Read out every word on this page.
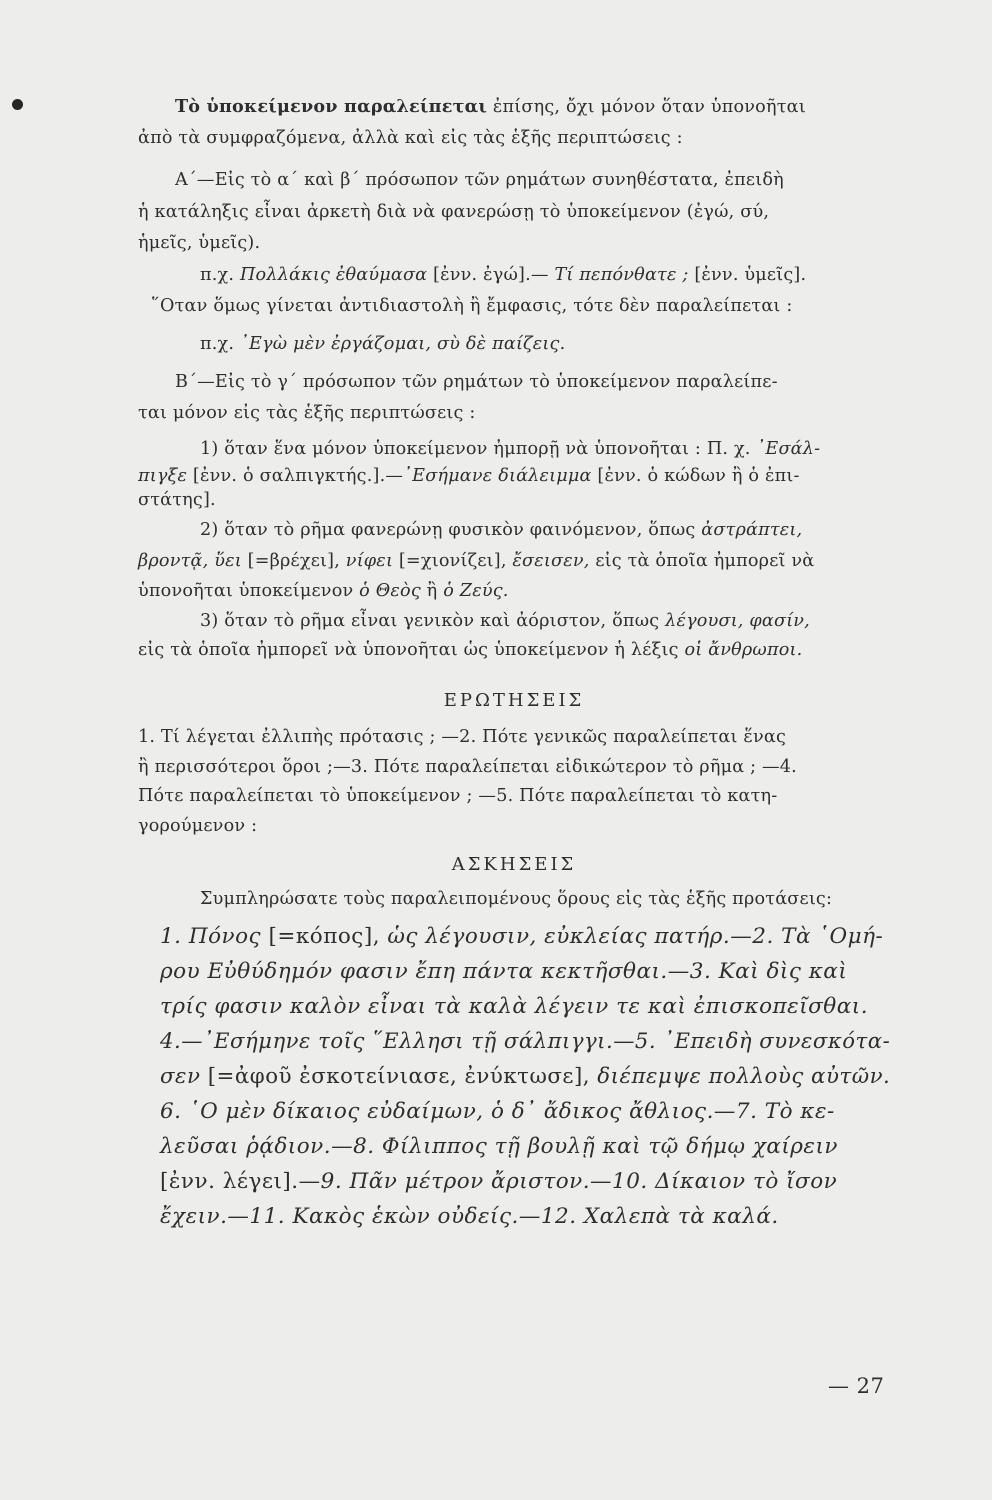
Τὸ ὑποκείμενον παραλείπεται ἐπίσης, ὄχι μόνον ὅταν ὑπονοῆται
ἀπὸ τὰ συμφραζόμενα, ἀλλὰ καὶ εἰς τὰς ἑξῆς περιπτώσεις :
Α΄—Εἰς τὸ α΄ καὶ β΄ πρόσωπον τῶν ρημάτων συνηθέστατα, ἐπειδὴ
ἡ κατάληξις εἶναι ἀρκετὴ διὰ νὰ φανερώσῃ τὸ ὑποκείμενον (ἐγώ, σύ,
ἡμεῖς, ὑμεῖς).
π.χ. Πολλάκις ἐθαύμασα [ἐνν. ἐγώ].— Τί πεπόνθατε ; [ἐνν. ὑμεῖς].
῞Οταν ὅμως γίνεται ἀντιδιαστολὴ ἢ ἔμφασις, τότε δὲν παραλείπεται :
π.χ. ᾿Εγὼ μὲν ἐργάζομαι, σὺ δὲ παίζεις.
Β΄—Εἰς τὸ γ΄ πρόσωπον τῶν ρημάτων τὸ ὑποκείμενον παραλείπε-
ται μόνον εἰς τὰς ἑξῆς περιπτώσεις :
1) ὅταν ἕνα μόνον ὑποκείμενον ἠμπορῇ νὰ ὑπονοῆται : Π. χ. ᾿Εσάλ-
πιγξε [ἐνν. ὁ σαλπιγκτής.].—᾿Εσήμανε διάλειμμα [ἐνν. ὁ κώδων ἢ ὁ ἐπι-
στάτης].
2) ὅταν τὸ ρῆμα φανερώνῃ φυσικὸν φαινόμενον, ὅπως ἀστράπτει,
βροντᾷ, ὕει [=βρέχει], νίφει [=χιονίζει], ἔσεισεν, εἰς τὰ ὁποῖα ἠμπορεῖ νὰ
ὑπονοῆται ὑποκείμενον ὁ Θεὸς ἢ ὁ Ζεύς.
3) ὅταν τὸ ρῆμα εἶναι γενικὸν καὶ ἀόριστον, ὅπως λέγουσι, φασίν,
εἰς τὰ ὁποῖα ἠμπορεῖ νὰ ὑπονοῆται ὡς ὑποκείμενον ἡ λέξις οἱ ἄνθρωποι.
ΕΡΩΤΗΣΕΙΣ
1. Τί λέγεται ἐλλιπὴς πρότασις ; —2. Πότε γενικῶς παραλείπεται ἕνας
ἢ περισσότεροι ὅροι ;—3. Πότε παραλείπεται εἰδικώτερον τὸ ρῆμα ; —4.
Πότε παραλείπεται τὸ ὑποκείμενον ; —5. Πότε παραλείπεται τὸ κατη-
γορούμενον :
ΑΣΚΗΣΕΙΣ
Συμπληρώσατε τοὺς παραλειπομένους ὅρους εἰς τὰς ἑξῆς προτάσεις:
1. Πόνος [=κόπος], ὡς λέγουσιν, εὐκλείας πατήρ.—2. Τὰ ῾Ομή-
ρου Εὐθύδημόν φασιν ἔπη πάντα κεκτῆσθαι.—3. Καὶ δὶς καὶ
τρίς φασιν καλὸν εἶναι τὰ καλὰ λέγειν τε καὶ ἐπισκοπεῖσθαι.
4.—᾿Εσήμηνε τοῖς ῞Ελλησι τῇ σάλπιγγι.—5. ᾿Επειδὴ συνεσκότα-
σεν [=ἀφοῦ ἐσκοτείνιασε, ἐνύκτωσε], διέπεμψε πολλοὺς αὐτῶν.
6. ῾Ο μὲν δίκαιος εὐδαίμων, ὁ δ᾿ ἄδικος ἄθλιος.—7. Τὸ κε-
λεῦσαι ῥᾴδιον.—8. Φίλιππος τῇ βουλῇ καὶ τῷ δήμῳ χαίρειν
[ἐνν. λέγει].—9. Πᾶν μέτρον ἄριστον.—10. Δίκαιον τὸ ἴσον
ἔχειν.—11. Κακὸς ἑκὼν οὐδείς.—12. Χαλεπὰ τὰ καλά.
— 27
